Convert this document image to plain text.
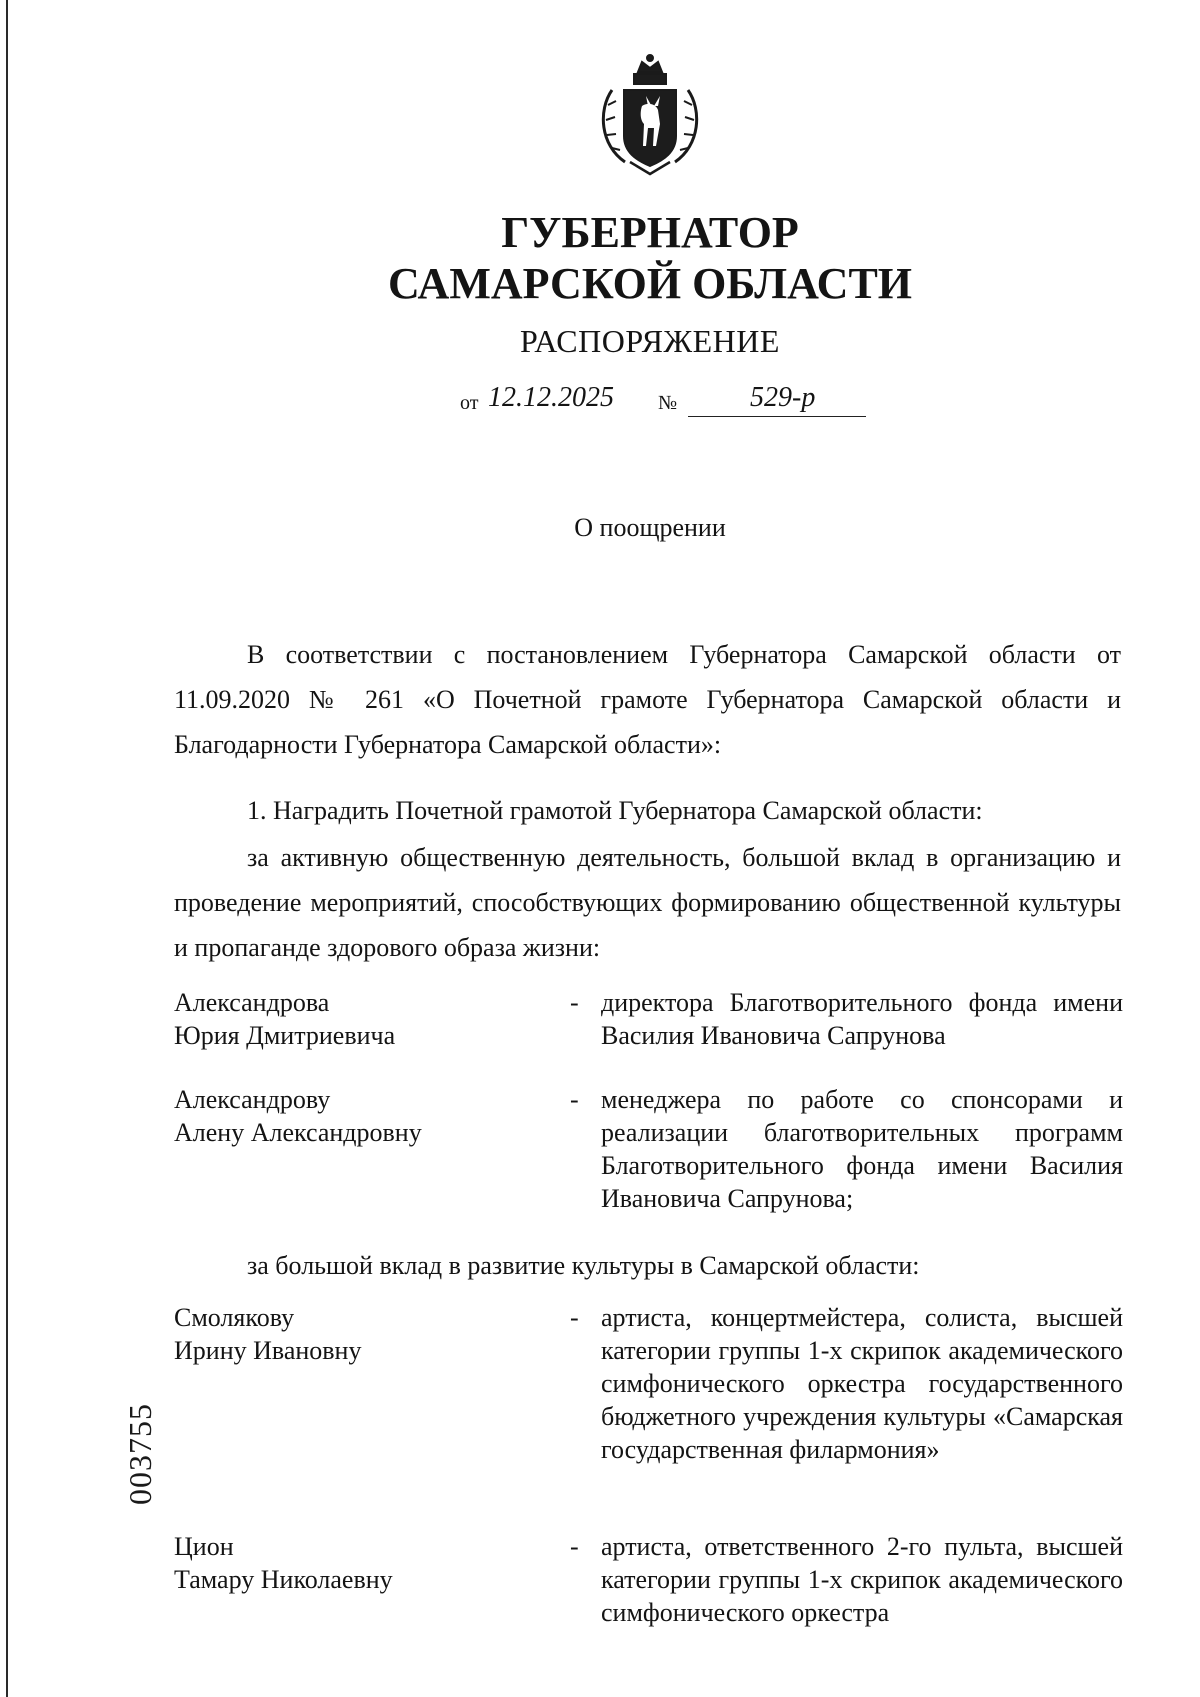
ГУБЕРНАТОР
САМАРСКОЙ ОБЛАСТИ
РАСПОРЯЖЕНИЕ
от 12.12.2025 №	529-р
О поощрении

В соответствии с постановлением Губернатора Самарской области от 11.09.2020 № 261 «О Почетной грамоте Губернатора Самарской области и Благодарности Губернатора Самарской области»:

1. Наградить Почетной грамотой Губернатора Самарской области:

за активную общественную деятельность, большой вклад в организацию и проведение мероприятий, способствующих формированию общественной культуры и пропаганде здорового образа жизни:

Александрова
Юрия Дмитриевича
- директора Благотворительного фонда имени Василия Ивановича Сапрунова
Александрову
Алену Александровну
- менеджера по работе со спонсорами и реализации благотворительных программ Благотворительного фонда имени Василия Ивановича Сапрунова;

за большой вклад в развитие культуры в Самарской области:

Смолякову
Ирину Ивановну
- артиста, концертмейстера, солиста, высшей категории группы 1-х скрипок академического симфонического оркестра государственного бюджетного учреждения культуры «Самарская государственная филармония»
Цион
Тамару Николаевну
- артиста, ответственного 2-го пульта, высшей категории группы 1-х скрипок академического симфонического оркестра
003755
